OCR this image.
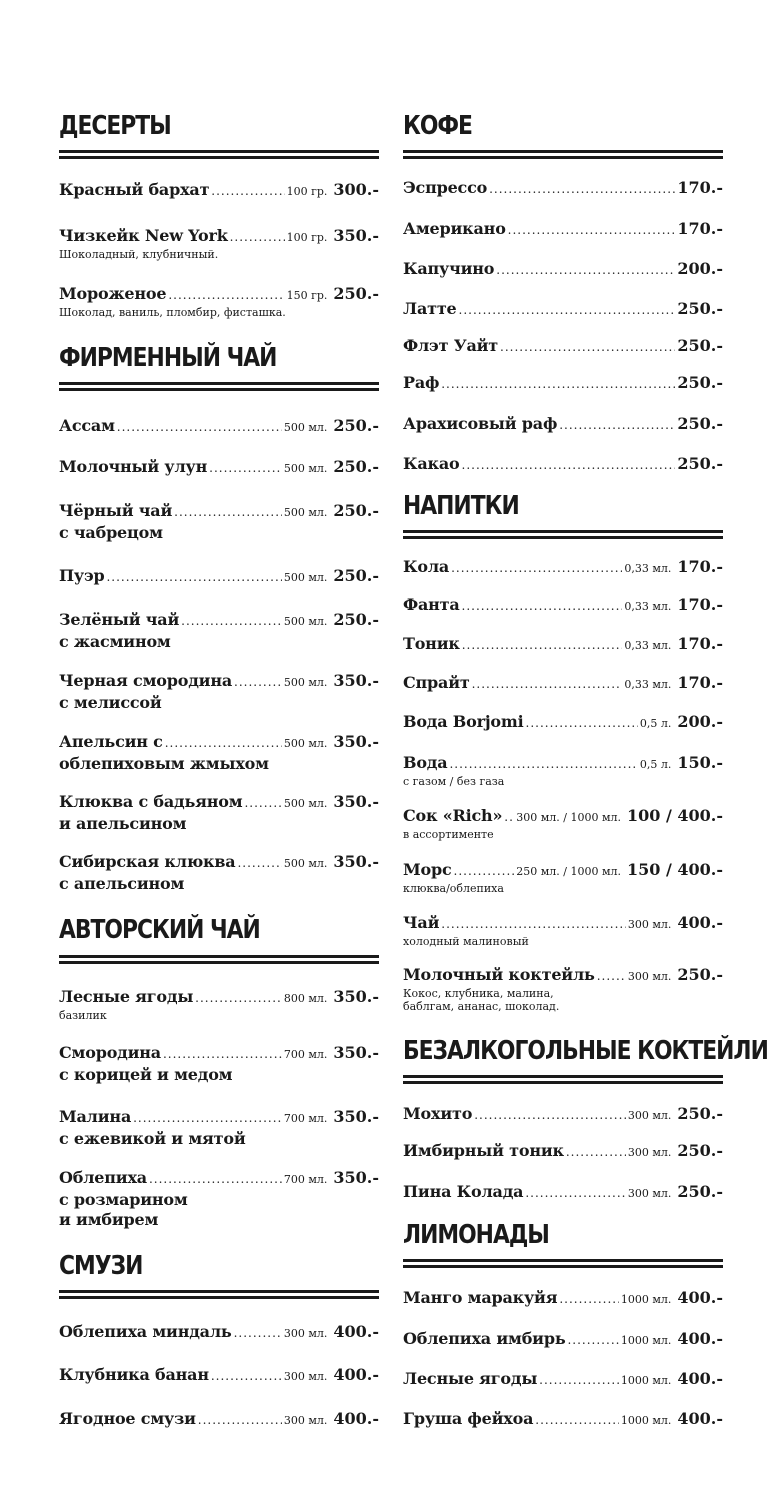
ДЕСЕРТЫ
Красный бархат .....	100 гр. 300.-
Чизкейк New York .....	100 гр. 350.-
Шоколадный, клубничный.
Мороженое .....	150 гр. 250.-
Шоколад, ваниль, пломбир, фисташка.
ФИРМЕННЫЙ ЧАЙ
Ассам .....	500 мл. 250.-
Молочный улун .....	500 мл. 250.-
Чёрный чай .....	500 мл. 250.-
с чабрецом
Пуэр .....	500 мл. 250.-
Зелёный чай .....	500 мл. 250.-
с жасмином
Черная смородина .....	500 мл. 350.-
с мелиссой
Апельсин с .....	500 мл. 350.-
облепиховым жмыхом
Клюква с бадьяном .....	500 мл. 350.-
и апельсином
Сибирская клюква .....	500 мл. 350.-
с апельсином
АВТОРСКИЙ ЧАЙ
Лесные ягоды .....	800 мл. 350.-
базилик
Смородина .....	700 мл. 350.-
с корицей и медом
Малина .....	700 мл. 350.-
с ежевикой и мятой
Облепиха .....	700 мл. 350.-
с розмарином
и имбирем
СМУЗИ
Облепиха миндаль .....	300 мл. 400.-
Клубника банан .....	300 мл. 400.-
Ягодное смузи .....	300 мл. 400.-
КОФЕ
Эспрессо .....	170.-
Американо .....	170.-
Капучино .....	200.-
Латте .....	250.-
Флэт Уайт .....	250.-
Раф .....	250.-
Арахисовый раф .....	250.-
Какао .....	250.-
НАПИТКИ
Кола .....	0,33 мл. 170.-
Фанта .....	0,33 мл. 170.-
Тоник .....	0,33 мл. 170.-
Спрайт .....	0,33 мл. 170.-
Вода Borjomi .....	0,5 л. 200.-
Вода .....	0,5 л. 150.-
с газом / без газа
Сок «Rich» ..... 300 мл. / 1000 мл. 100 / 400.-
в ассортименте
Морс .....	250 мл. / 1000 мл. 150 / 400.-
клюква/облепиха
Чай .....	300 мл. 400.-
холодный малиновый
Молочный коктейль .....	300 мл. 250.-
Кокос, клубника, малина,
баблгам, ананас, шоколад.
БЕЗАЛКОГОЛЬНЫЕ КОКТЕЙЛИ
Мохито .....	300 мл. 250.-
Имбирный тоник .....	300 мл. 250.-
Пина Колада .....	300 мл. 250.-
ЛИМОНАДЫ
Манго маракуйя .....	1000 мл. 400.-
Облепиха имбирь .....	1000 мл. 400.-
Лесные ягоды .....	1000 мл. 400.-
Груша фейхоа .....	1000 мл. 400.-
